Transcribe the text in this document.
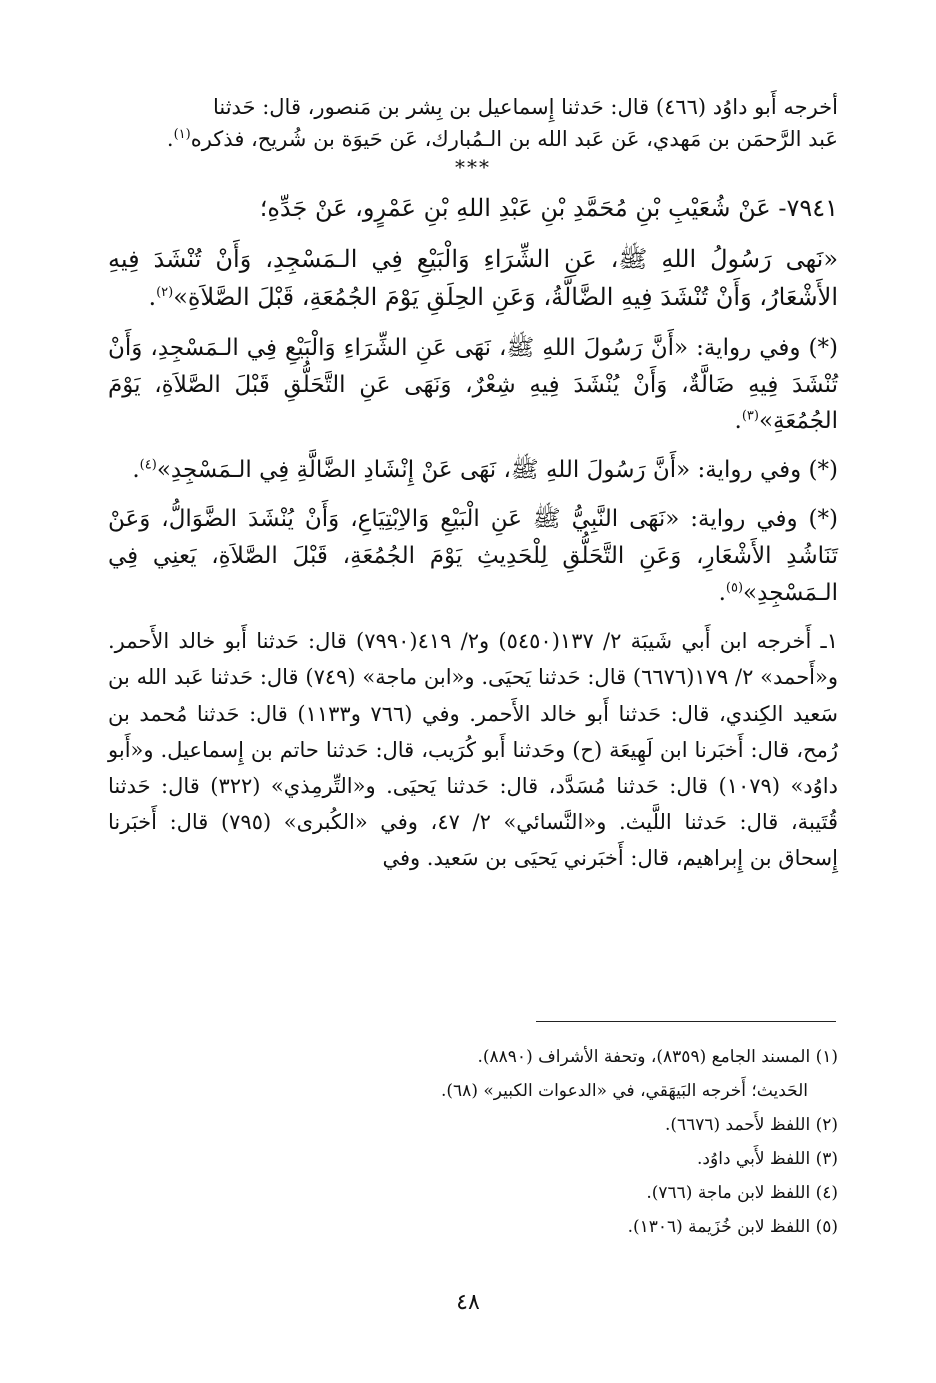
أخرجه أَبو داوُد (٤٦٦) قال: حَدثنا إِسماعيل بن بِشر بن مَنصور، قال: حَدثنا

عَبد الرَّحمَن بن مَهدي، عَن عَبد الله بن الـمُبارك، عَن حَيوَة بن شُريح، فذكره$^{(١)}$.

***

٧٩٤١- عَنْ شُعَيْبِ بْنِ مُحَمَّدِ بْنِ عَبْدِ اللهِ بْنِ عَمْرٍو، عَنْ جَدِّهِ؛

«نَهى رَسُولُ اللهِ ﷺ، عَنِ الشِّرَاءِ وَالْبَيْعِ فِي الـمَسْجِدِ، وَأَنْ تُنْشَدَ فِيهِ الأَشْعَارُ، وَأَنْ تُنْشَدَ فِيهِ الضَّالَّةُ، وَعَنِ الحِلَقِ يَوْمَ الجُمُعَةِ، قَبْلَ الصَّلاَةِ»$^{(٢)}$.

(*) وفي رواية: «أَنَّ رَسُولَ اللهِ ﷺ، نَهَى عَنِ الشِّرَاءِ وَالْبَيْعِ فِي الـمَسْجِدِ، وَأَنْ تُنْشَدَ فِيهِ ضَالَّةٌ، وَأَنْ يُنْشَدَ فِيهِ شِعْرٌ، وَنَهَى عَنِ التَّحَلُّقِ قَبْلَ الصَّلاَةِ، يَوْمَ الجُمُعَةِ»$^{(٣)}$.

(*) وفي رواية: «أَنَّ رَسُولَ اللهِ ﷺ، نَهَى عَنْ إِنْشَادِ الضَّالَّةِ فِي الـمَسْجِدِ»$^{(٤)}$.

(*) وفي رواية: «نَهَى النَّبِيُّ ﷺ عَنِ الْبَيْعِ وَالاِبْتِيَاعِ، وَأَنْ يُنْشَدَ الضَّوَالُّ، وَعَنْ تَنَاشُدِ الأَشْعَارِ، وَعَنِ التَّحَلُّقِ لِلْحَدِيثِ يَوْمَ الجُمُعَةِ، قَبْلَ الصَّلاَةِ، يَعنِي فِي الـمَسْجِدِ»$^{(٥)}$.

١ـ أَخرجه ابن أَبي شَيبَة ٢/ ١٣٧(٥٤٥٠) و٢/ ٤١٩(٧٩٩٠) قال: حَدثنا أَبو خالد الأَحمر. و«أَحمد» ٢/ ١٧٩(٦٦٧٦) قال: حَدثنا يَحيَى. و«ابن ماجة» (٧٤٩) قال: حَدثنا عَبد الله بن سَعيد الكِندي، قال: حَدثنا أَبو خالد الأَحمر. وفي (٧٦٦ و١١٣٣) قال: حَدثنا مُحمد بن رُمح، قال: أَخبَرنا ابن لَهِيعَة (ح) وحَدثنا أَبو كُرَيب، قال: حَدثنا حاتم بن إِسماعيل. و«أَبو داوُد» (١٠٧٩) قال: حَدثنا مُسَدَّد، قال: حَدثنا يَحيَى. و«التِّرمِذي» (٣٢٢) قال: حَدثنا قُتَيبة، قال: حَدثنا اللَّيث. و«النَّسائي» ٢/ ٤٧، وفي «الكُبرى» (٧٩٥) قال: أَخبَرنا إِسحاق بن إِبراهيم، قال: أَخبَرني يَحيَى بن سَعيد. وفي

(١) المسند الجامع (٨٣٥٩)، وتحفة الأشراف (٨٨٩٠).

الحَديث؛ أَخرجه البَيهَقي، في «الدعوات الكبير» (٦٨).

(٢) اللفظ لأَحمد (٦٦٧٦).

(٣) اللفظ لأَبي داوُد.

(٤) اللفظ لابن ماجة (٧٦٦).

(٥) اللفظ لابن خُزَيمة (١٣٠٦).

٤٨
